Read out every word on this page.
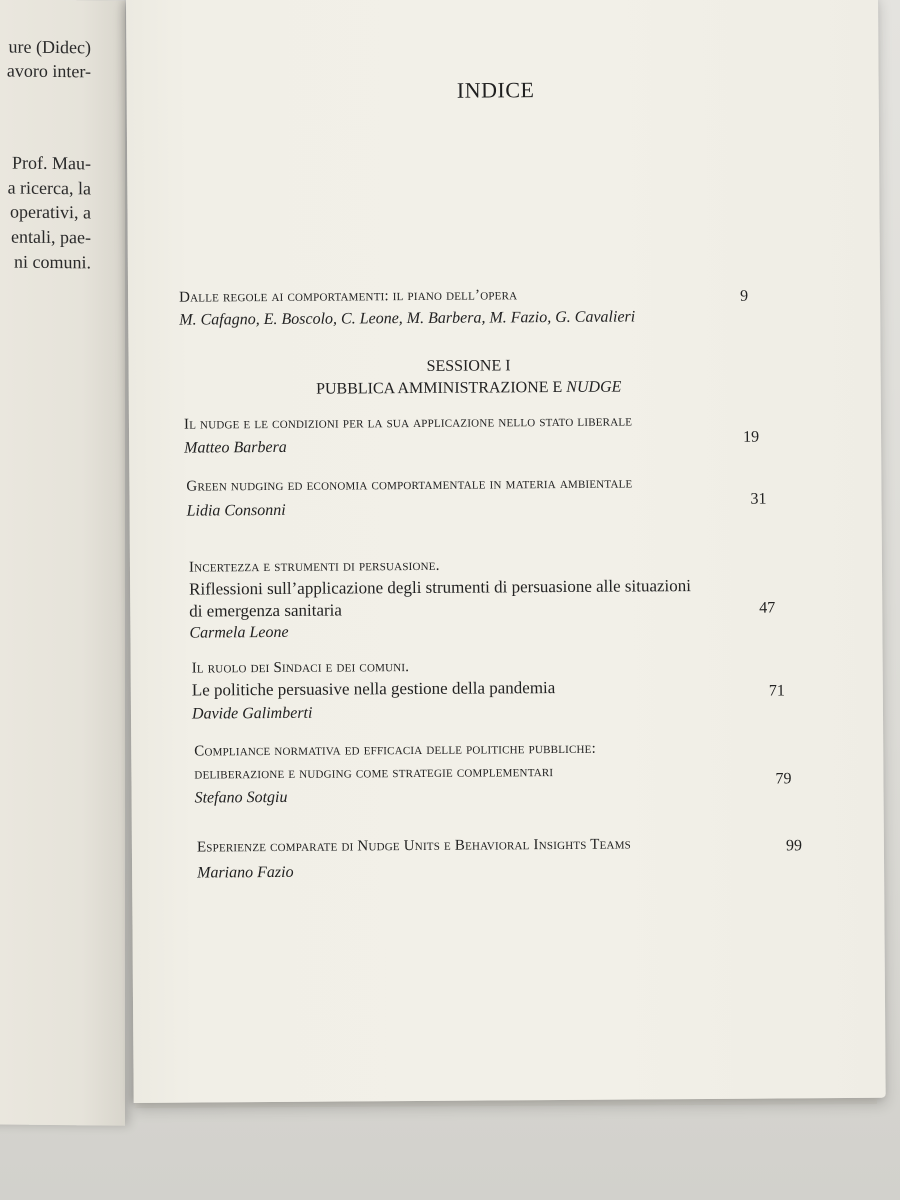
ure (Didec)
avoro inter-
Prof. Mau-
a ricerca, la
operativi, a
entali, pae-
ni comuni.
INDICE
Dalle regole ai comportamenti: il piano dell’opera
M. Cafagno, E. Boscolo, C. Leone, M. Barbera, M. Fazio, G. Cavalieri
9
SESSIONE I
PUBBLICA AMMINISTRAZIONE E NUDGE
Il nudge e le condizioni per la sua applicazione nello stato liberale
Matteo Barbera
19
Green nudging ed economia comportamentale in materia ambientale
Lidia Consonni
31
Incertezza e strumenti di persuasione.
Riflessioni sull’applicazione degli strumenti di persuasione alle situazioni
di emergenza sanitaria
Carmela Leone
47
Il ruolo dei Sindaci e dei comuni.
Le politiche persuasive nella gestione della pandemia
Davide Galimberti
71
Compliance normativa ed efficacia delle politiche pubbliche:
deliberazione e nudging come strategie complementari
Stefano Sotgiu
79
Esperienze comparate di Nudge Units e Behavioral Insights Teams
Mariano Fazio
99
